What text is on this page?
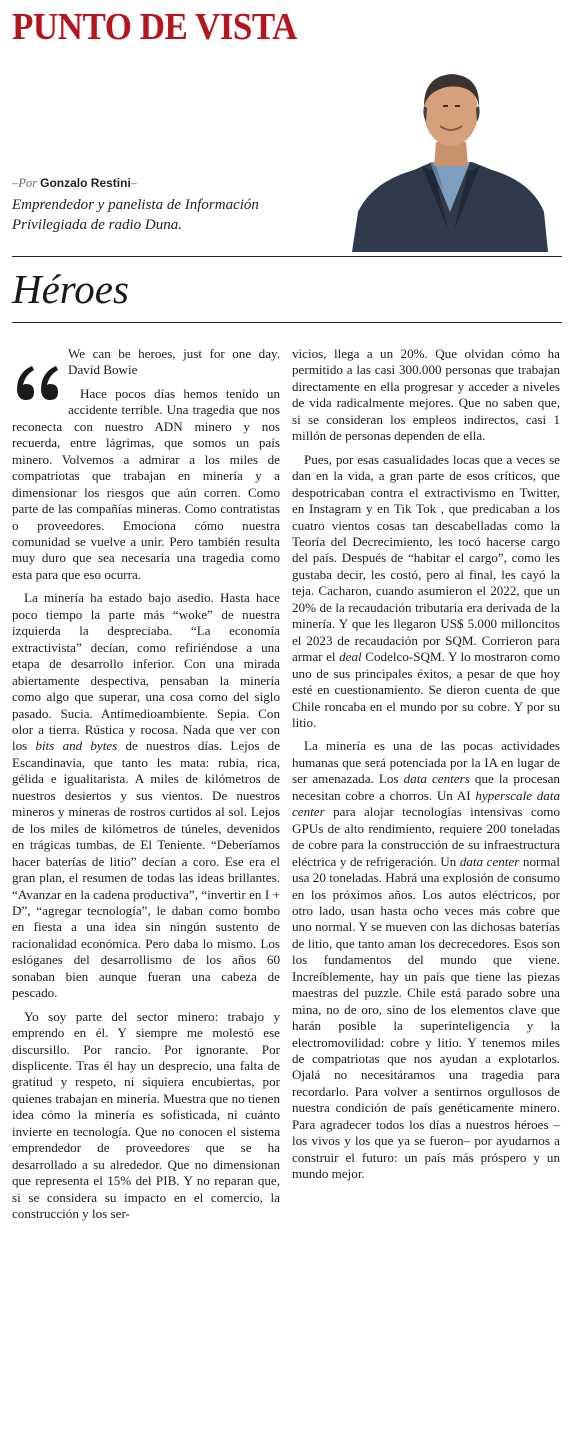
PUNTO DE VISTA
–Por Gonzalo Restini–
Emprendedor y panelista de Información
Privilegiada de radio Duna.
Héroes

We can be heroes, just for one day. David Bowie

Hace pocos días hemos tenido un accidente terrible. Una tragedia que nos reconecta con nuestro ADN minero y nos recuerda, entre lágrimas, que somos un país minero. Volvemos a admirar a los miles de compatriotas que trabajan en minería y a dimensionar los riesgos que aún corren. Como parte de las compañías mineras. Como contratistas o proveedores. Emociona cómo nuestra comunidad se vuelve a unir. Pero también resulta muy duro que sea necesaria una tragedia como esta para que eso ocurra.

La minería ha estado bajo asedio. Hasta hace poco tiempo la parte más “woke” de nuestra izquierda la despreciaba. “La economía extractivista” decían, como refiriéndose a una etapa de desarrollo inferior. Con una mirada abiertamente despectiva, pensaban la minería como algo que superar, una cosa como del siglo pasado. Sucia. Antimedioambiente. Sepia. Con olor a tierra. Rústica y rocosa. Nada que ver con los bits and bytes de nuestros días. Lejos de Escandinavia, que tanto les mata: rubia, rica, gélida e igualitarista. A miles de kilómetros de nuestros desiertos y sus vientos. De nuestros mineros y mineras de rostros curtidos al sol. Lejos de los miles de kilómetros de túneles, devenidos en trágicas tumbas, de El Teniente. “Deberíamos hacer baterías de litio” decían a coro. Ese era el gran plan, el resumen de todas las ideas brillantes. “Avanzar en la cadena productiva”, “invertir en I + D”, “agregar tecnología”, le daban como bombo en fiesta a una idea sin ningún sustento de racionalidad económica. Pero daba lo mismo. Los eslóganes del desarrollismo de los años 60 sonaban bien aunque fueran una cabeza de pescado.

Yo soy parte del sector minero: trabajo y emprendo en él. Y siempre me molestó ese discursillo. Por rancio. Por ignorante. Por displicente. Tras él hay un desprecio, una falta de gratitud y respeto, ni siquiera encubiertas, por quienes trabajan en minería. Muestra que no tienen idea cómo la minería es sofisticada, ni cuánto invierte en tecnología. Que no conocen el sistema emprendedor de proveedores que se ha desarrollado a su alrededor. Que no dimensionan que representa el 15% del PIB. Y no reparan que, si se considera su impacto en el comercio, la construcción y los ser-

vicios, llega a un 20%. Que olvidan cómo ha permitido a las casi 300.000 personas que trabajan directamente en ella progresar y acceder a niveles de vida radicalmente mejores. Que no saben que, si se consideran los empleos indirectos, casi 1 millón de personas dependen de ella.

Pues, por esas casualidades locas que a veces se dan en la vida, a gran parte de esos críticos, que despotricaban contra el extractivismo en Twitter, en Instagram y en Tik Tok , que predicaban a los cuatro vientos cosas tan descabelladas como la Teoría del Decrecimiento, les tocó hacerse cargo del país. Después de “habitar el cargo”, como les gustaba decir, les costó, pero al final, les cayó la teja. Cacharon, cuando asumieron el 2022, que un 20% de la recaudación tributaria era derivada de la minería. Y que les llegaron US$ 5.000 milloncitos el 2023 de recaudación por SQM. Corrieron para armar el deal Codelco-SQM. Y lo mostraron como uno de sus principales éxitos, a pesar de que hoy esté en cuestionamiento. Se dieron cuenta de que Chile roncaba en el mundo por su cobre. Y por su litio.

La minería es una de las pocas actividades humanas que será potenciada por la IA en lugar de ser amenazada. Los data centers que la procesan necesitan cobre a chorros. Un AI hyperscale data center para alojar tecnologías intensivas como GPUs de alto rendimiento, requiere 200 toneladas de cobre para la construcción de su infraestructura eléctrica y de refrigeración. Un data center normal usa 20 toneladas. Habrá una explosión de consumo en los próximos años. Los autos eléctricos, por otro lado, usan hasta ocho veces más cobre que uno normal. Y se mueven con las dichosas baterías de litio, que tanto aman los decrecedores. Esos son los fundamentos del mundo que viene. Increíblemente, hay un país que tiene las piezas maestras del puzzle. Chile está parado sobre una mina, no de oro, sino de los elementos clave que harán posible la superinteligencia y la electromovilidad: cobre y litio. Y tenemos miles de compatriotas que nos ayudan a explotarlos. Ojalá no necesitáramos una tragedia para recordarlo. Para volver a sentirnos orgullosos de nuestra condición de país genéticamente minero. Para agradecer todos los días a nuestros héroes –los vivos y los que ya se fueron– por ayudarnos a construir el futuro: un país más próspero y un mundo mejor.
